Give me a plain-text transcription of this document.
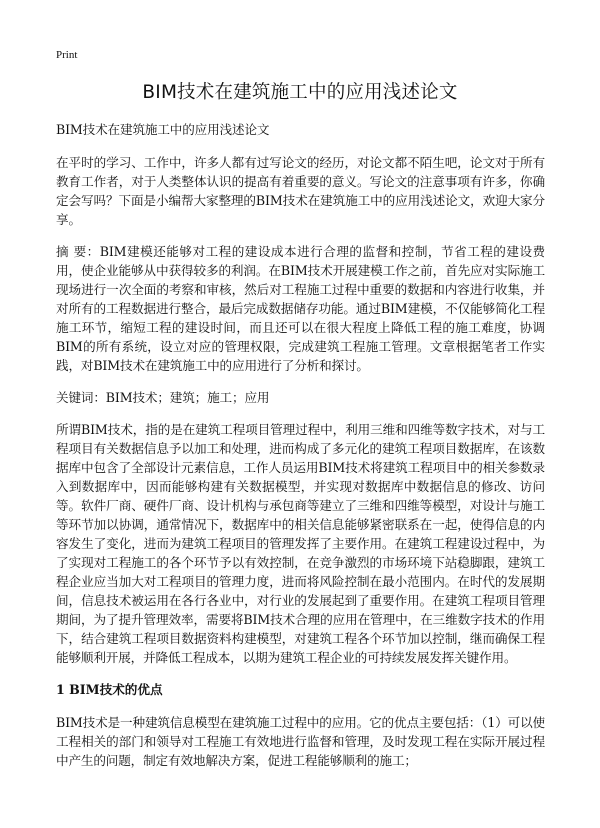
Print
BIM技术在建筑施工中的应用浅述论文

BIM技术在建筑施工中的应用浅述论文

在平时的学习、工作中，许多人都有过写论文的经历，对论文都不陌生吧，论文对于所有教育工作者，对于人类整体认识的提高有着重要的意义。写论文的注意事项有许多，你确定会写吗？下面是小编帮大家整理的BIM技术在建筑施工中的应用浅述论文，欢迎大家分享。

摘 要：BIM建模还能够对工程的建设成本进行合理的监督和控制，节省工程的建设费用，使企业能够从中获得较多的利润。在BIM技术开展建模工作之前，首先应对实际施工现场进行一次全面的考察和审核，然后对工程施工过程中重要的数据和内容进行收集，并对所有的工程数据进行整合，最后完成数据储存功能。通过BIM建模，不仅能够简化工程施工环节，缩短工程的建设时间，而且还可以在很大程度上降低工程的施工难度，协调BIM的所有系统，设立对应的管理权限，完成建筑工程施工管理。文章根据笔者工作实践，对BIM技术在建筑施工中的应用进行了分析和探讨。

关键词：BIM技术；建筑；施工；应用

所谓BIM技术，指的是在建筑工程项目管理过程中，利用三维和四维等数字技术，对与工程项目有关数据信息予以加工和处理，进而构成了多元化的建筑工程项目数据库，在该数据库中包含了全部设计元素信息，工作人员运用BIM技术将建筑工程项目中的相关参数录入到数据库中，因而能够构建有关数据模型，并实现对数据库中数据信息的修改、访问等。软件厂商、硬件厂商、设计机构与承包商等建立了三维和四维等模型，对设计与施工等环节加以协调，通常情况下，数据库中的相关信息能够紧密联系在一起，使得信息的内容发生了变化，进而为建筑工程项目的管理发挥了主要作用。在建筑工程建设过程中，为了实现对工程施工的各个环节予以有效控制，在竞争激烈的市场环境下站稳脚跟，建筑工程企业应当加大对工程项目的管理力度，进而将风险控制在最小范围内。在时代的发展期间，信息技术被运用在各行各业中，对行业的发展起到了重要作用。在建筑工程项目管理期间，为了提升管理效率，需要将BIM技术合理的应用在管理中，在三维数字技术的作用下，结合建筑工程项目数据资料构建模型，对建筑工程各个环节加以控制，继而确保工程能够顺利开展，并降低工程成本，以期为建筑工程企业的可持续发展发挥关键作用。

1 BIM技术的优点

BIM技术是一种建筑信息模型在建筑施工过程中的应用。它的优点主要包括：（1）可以使工程相关的部门和领导对工程施工有效地进行监督和管理，及时发现工程在实际开展过程中产生的问题，制定有效地解决方案，促进工程能够顺利的施工；
